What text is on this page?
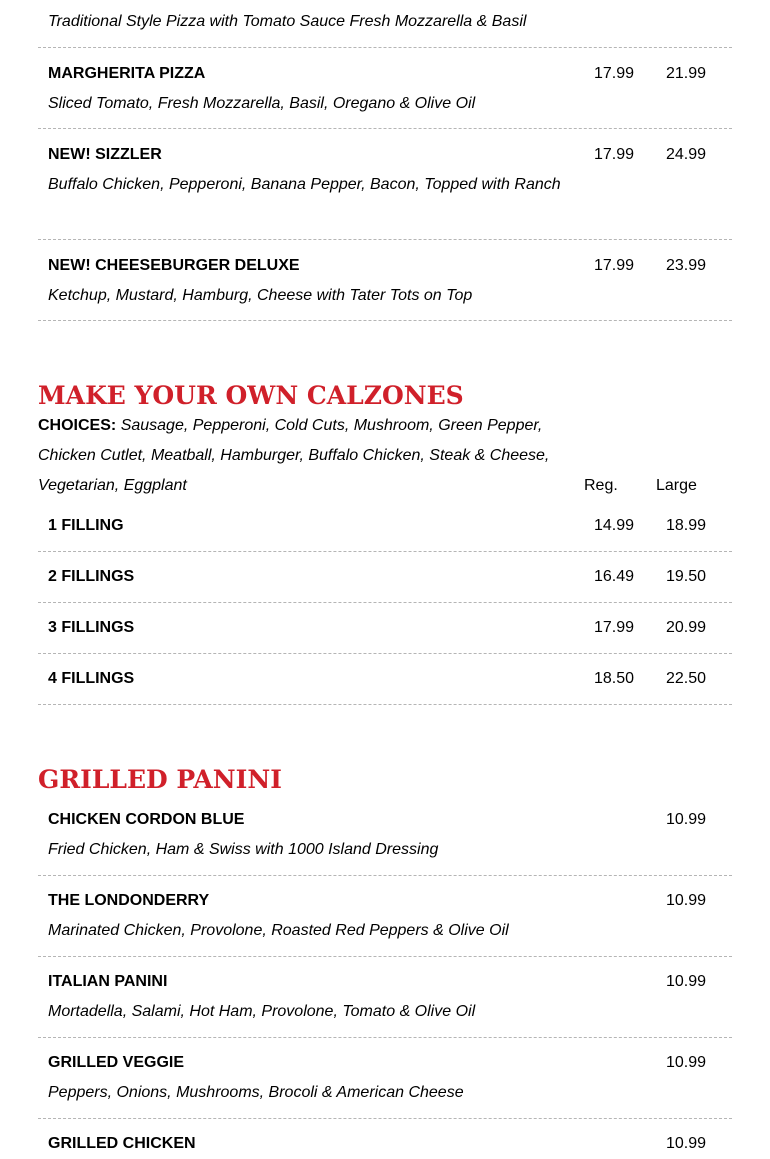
Traditional Style Pizza with Tomato Sauce Fresh Mozzarella & Basil
MARGHERITA PIZZA	17.99	21.99
Sliced Tomato, Fresh Mozzarella, Basil, Oregano & Olive Oil
NEW! SIZZLER	17.99	24.99
Buffalo Chicken, Pepperoni, Banana Pepper, Bacon, Topped with Ranch
NEW! CHEESEBURGER DELUXE	17.99	23.99
Ketchup, Mustard, Hamburg, Cheese with Tater Tots on Top
MAKE YOUR OWN CALZONES
CHOICES: Sausage, Pepperoni, Cold Cuts, Mushroom, Green Pepper, Chicken Cutlet, Meatball, Hamburger, Buffalo Chicken, Steak & Cheese, Vegetarian, Eggplant	Reg. Large
1 FILLING	14.99	18.99
2 FILLINGS	16.49	19.50
3 FILLINGS	17.99	20.99
4 FILLINGS	18.50	22.50
GRILLED PANINI
CHICKEN CORDON BLUE	10.99
Fried Chicken, Ham & Swiss with 1000 Island Dressing
THE LONDONDERRY	10.99
Marinated Chicken, Provolone, Roasted Red Peppers & Olive Oil
ITALIAN PANINI	10.99
Mortadella, Salami, Hot Ham, Provolone, Tomato & Olive Oil
GRILLED VEGGIE	10.99
Peppers, Onions, Mushrooms, Brocoli & American Cheese
GRILLED CHICKEN	10.99
